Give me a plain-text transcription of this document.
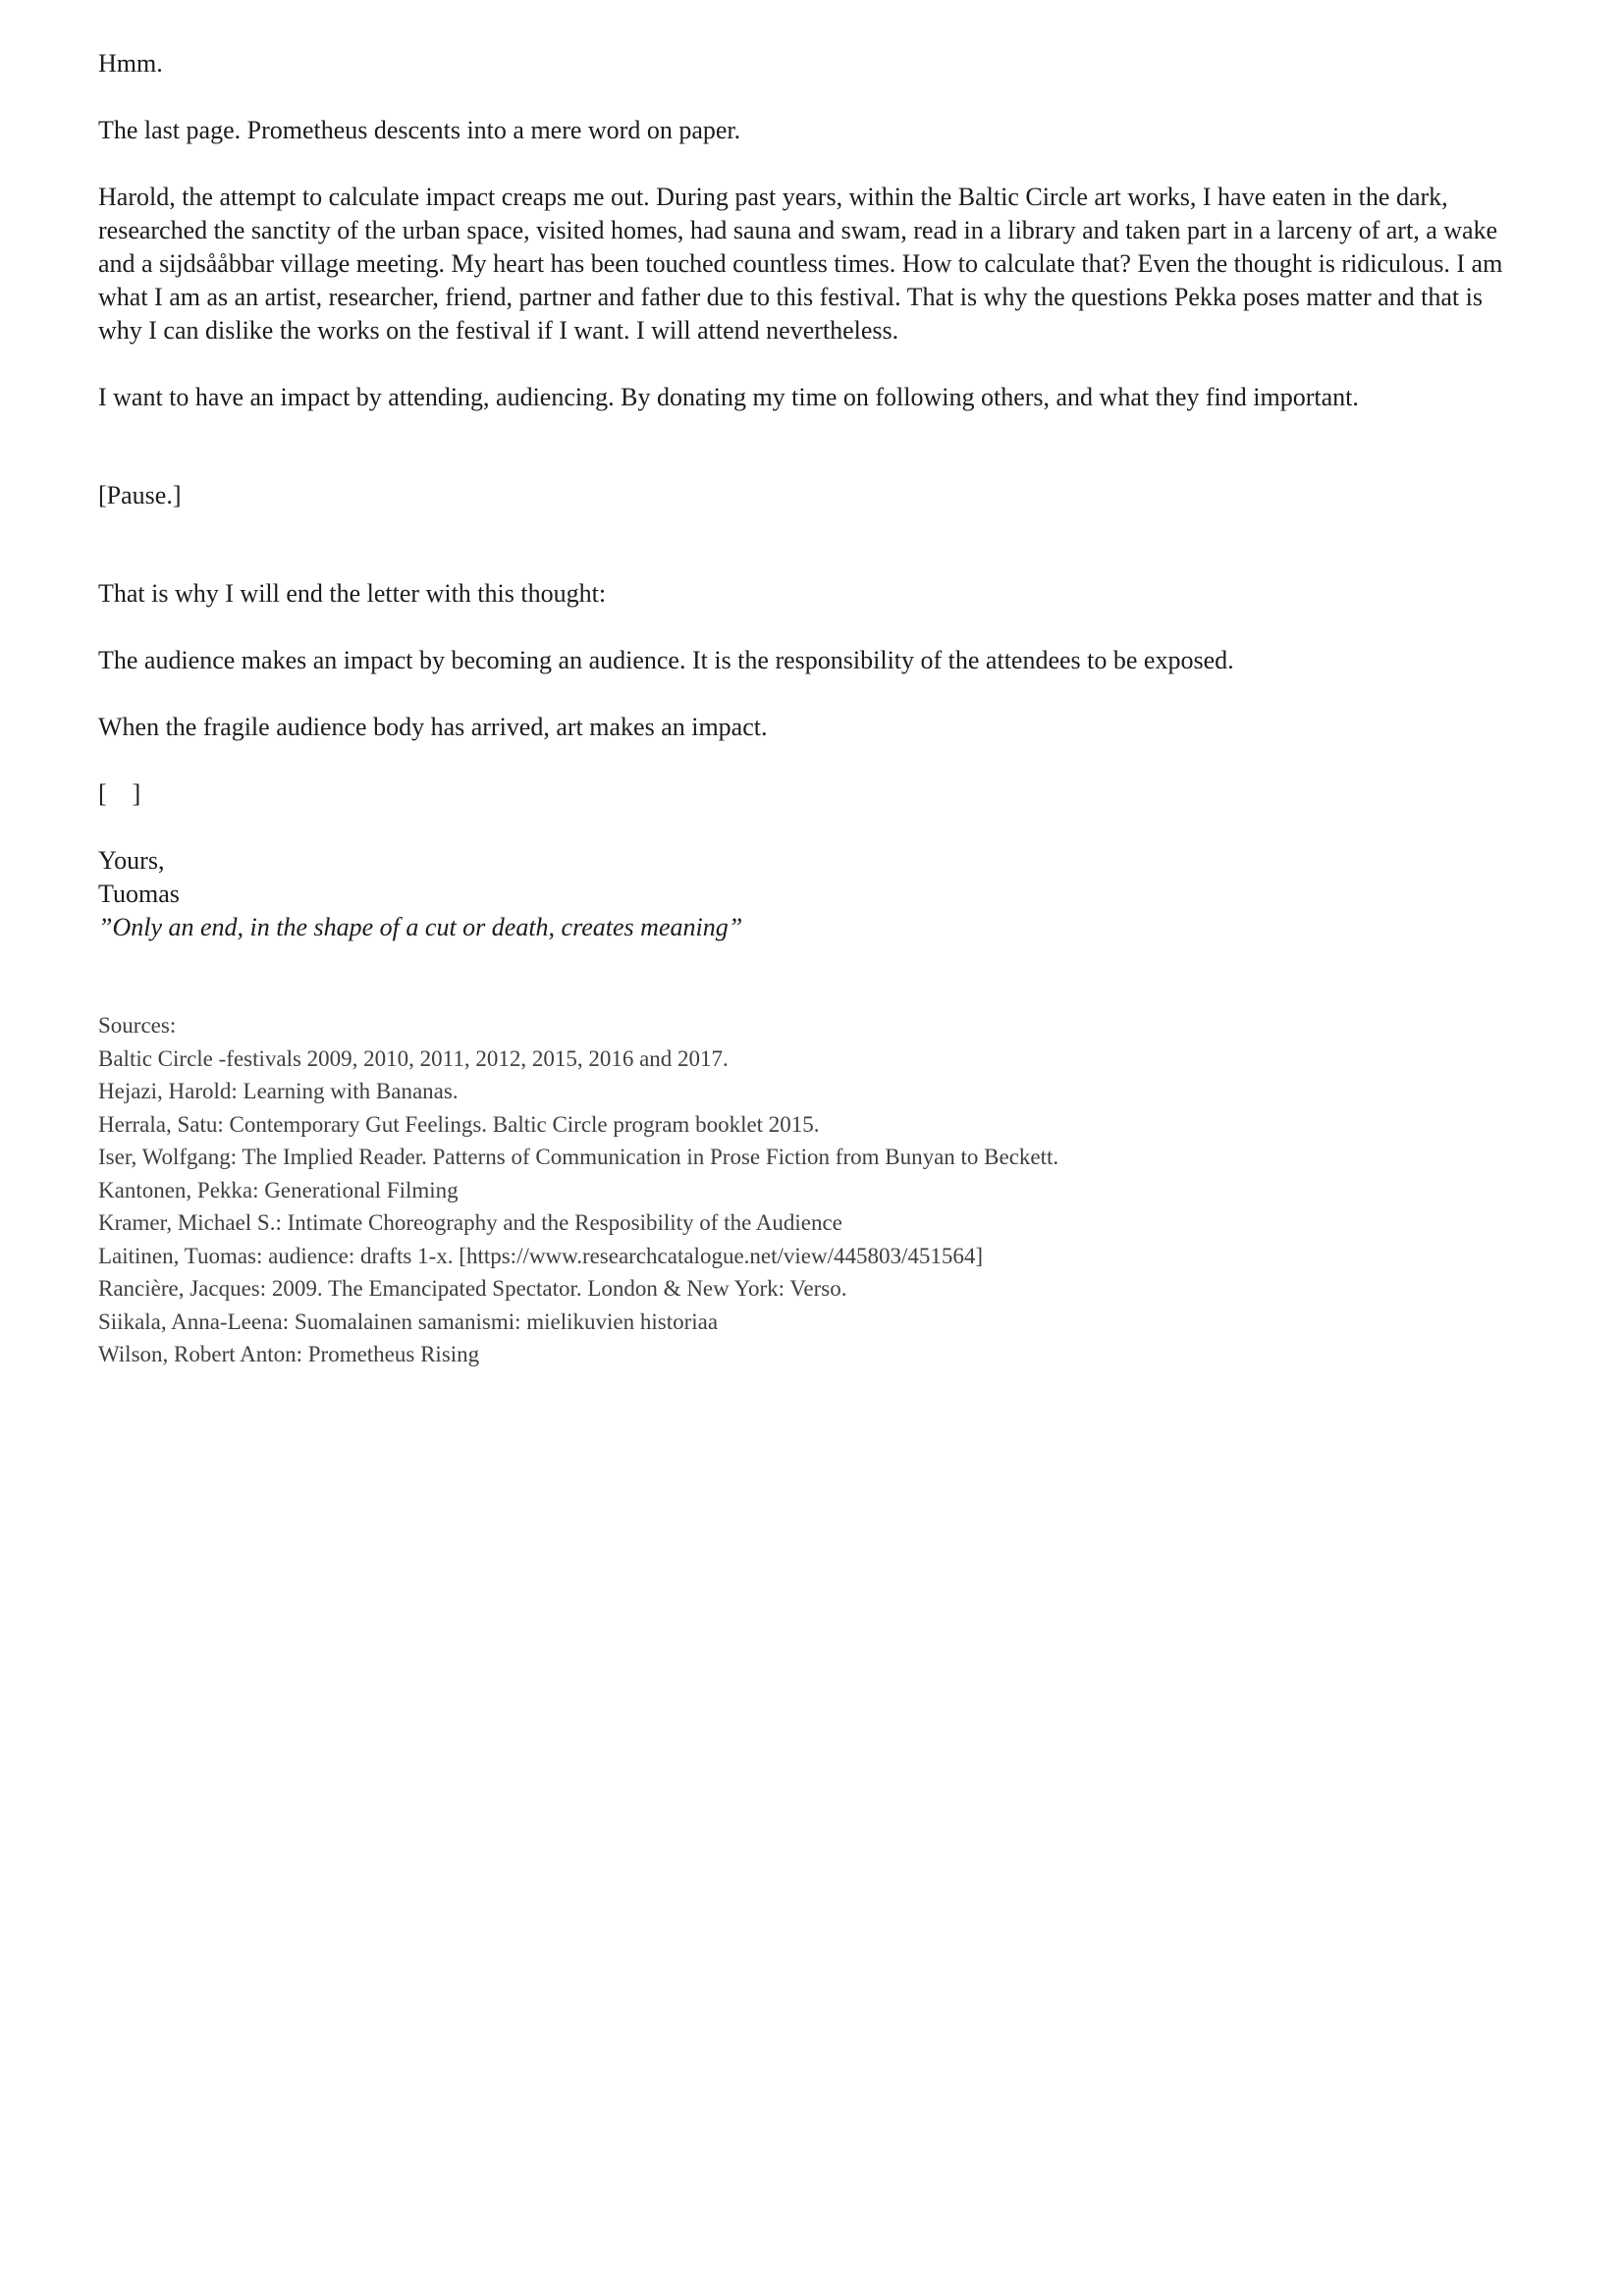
Hmm.

The last page. Prometheus descents into a mere word on paper.

Harold, the attempt to calculate impact creaps me out. During past years, within the Baltic Circle art works, I have eaten in the dark, researched the sanctity of the urban space, visited homes, had sauna and swam, read in a library and taken part in a larceny of art, a wake and a sijdsååbbar village meeting. My heart has been touched countless times. How to calculate that? Even the thought is ridiculous. I am what I am as an artist, researcher, friend, partner and father due to this festival. That is why the questions Pekka poses matter and that is why I can dislike the works on the festival if I want. I will attend nevertheless.

I want to have an impact by attending, audiencing. By donating my time on following others, and what they find important.

[Pause.]

That is why I will end the letter with this thought:

The audience makes an impact by becoming an audience. It is the responsibility of the attendees to be exposed.

When the fragile audience body has arrived, art makes an impact.

[    ]

Yours,

Tuomas

”Only an end, in the shape of a cut or death, creates meaning”

Sources:

Baltic Circle -festivals 2009, 2010, 2011, 2012, 2015, 2016 and 2017.

Hejazi, Harold: Learning with Bananas.

Herrala, Satu: Contemporary Gut Feelings. Baltic Circle program booklet 2015.

Iser, Wolfgang: The Implied Reader. Patterns of Communication in Prose Fiction from Bunyan to Beckett.

Kantonen, Pekka: Generational Filming

Kramer, Michael S.: Intimate Choreography and the Resposibility of the Audience

Laitinen, Tuomas: audience: drafts 1-x. [https://www.researchcatalogue.net/view/445803/451564]

Rancière, Jacques: 2009. The Emancipated Spectator. London & New York: Verso.

Siikala, Anna-Leena: Suomalainen samanismi: mielikuvien historiaa

Wilson, Robert Anton: Prometheus Rising
